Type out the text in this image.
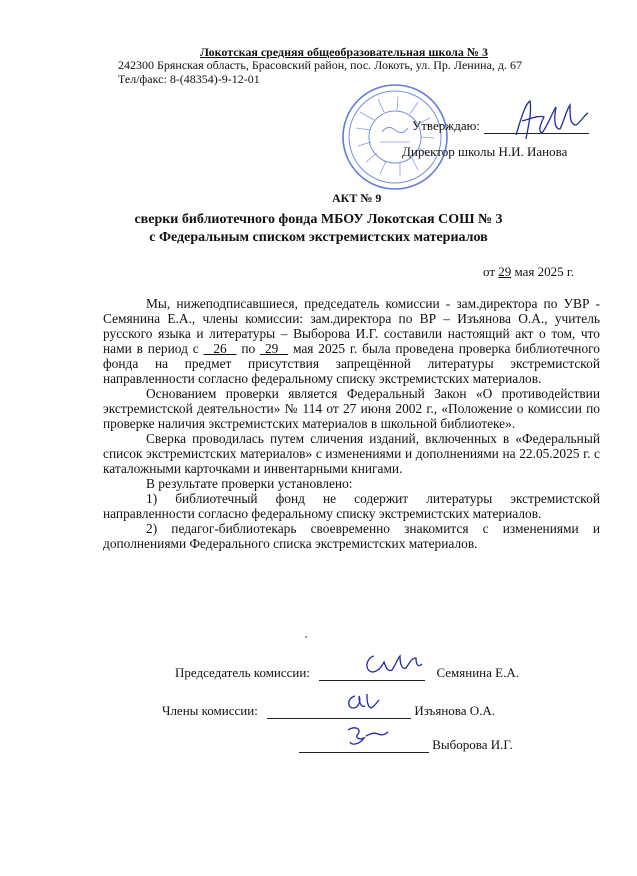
Локотская средняя общеобразовательная школа № 3
242300 Брянская область, Брасовский район, пос. Локоть, ул. Пр. Ленина, д. 67
Тел/факс: 8-(48354)-9-12-01
Утверждаю:
Директор школы Н.И. Ианова
АКТ № 9
сверки библиотечного фонда МБОУ Локотская СОШ № 3
с Федеральным списком экстремистских материалов
от 29 мая 2025 г.

Мы, нижеподписавшиеся, председатель комиссии - зам.директора по УВР - Семянина Е.А., члены комиссии: зам.директора по ВР – Изъянова О.А., учитель русского языка и литературы – Выборова И.Г. составили настоящий акт о том, что нами в период с 26 по 29 мая 2025 г. была проведена проверка библиотечного фонда на предмет присутствия запрещённой литературы экстремистской направленности согласно федеральному списку экстремистских материалов.

Основанием проверки является Федеральный Закон «О противодействии экстремистской деятельности» № 114 от 27 июня 2002 г., «Положение о комиссии по проверке наличия экстремистских материалов в школьной библиотеке».

Сверка проводилась путем сличения изданий, включенных в «Федеральный список экстремистских материалов» с изменениями и дополнениями на 22.05.2025 г. с каталожными карточками и инвентарными книгами.

В результате проверки установлено:

1) библиотечный фонд не содержит литературы экстремистской направленности согласно федеральному списку экстремистских материалов.

2) педагог-библиотекарь своевременно знакомится с изменениями и дополнениями Федерального списка экстремистских материалов.

Председатель комиссии:	Семянина Е.А.
Члены комиссии:	Изъянова О.А.
Выборова И.Г.
